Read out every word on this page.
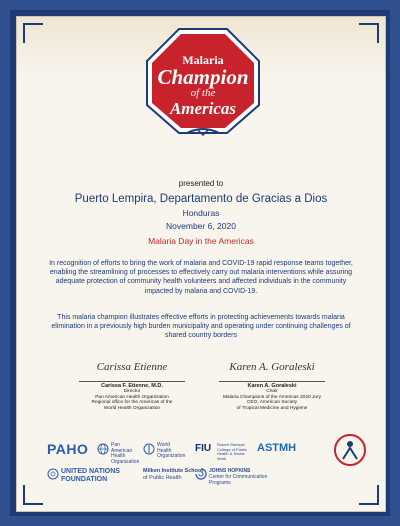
Malaria
Champion
of the
Americas
presented to
Puerto Lempira, Departamento de Gracias a Dios
Honduras
November 6, 2020
Malaria Day in the Americas
In recognition of efforts to bring the work of malaria and COVID-19 rapid response teams together, enabling the streamlining of processes to effectively carry out malaria interventions while assuring adequate protection of community health volunteers and affected individuals in the community impacted by malaria and COVID-19.
This malaria champion illustrates effective efforts in protecting achievements towards malaria elimination in a previously high burden municipality and operating under continuing challenges of shared country borders
Carissa Etienne
Carissa F. Etienne, M.D.
Director
Pan American Health Organization
Regional office for the Americas of the
World Health Organization
Karen A. Goraleski
Karen A. Goraleski
Chair
Malaria Champions of the Americas 2020 Jury
CEO, American Society
of Tropical Medicine and Hygiene
PAHO	Pan American Health Organization
World Health Organization
FIU Robert Stempel College of Public Health & Social Work
ASTMH
UNITED NATIONS
FOUNDATION
Milken Institute School
of Public Health
JOHNS HOPKINS
Center for Communication Programs
